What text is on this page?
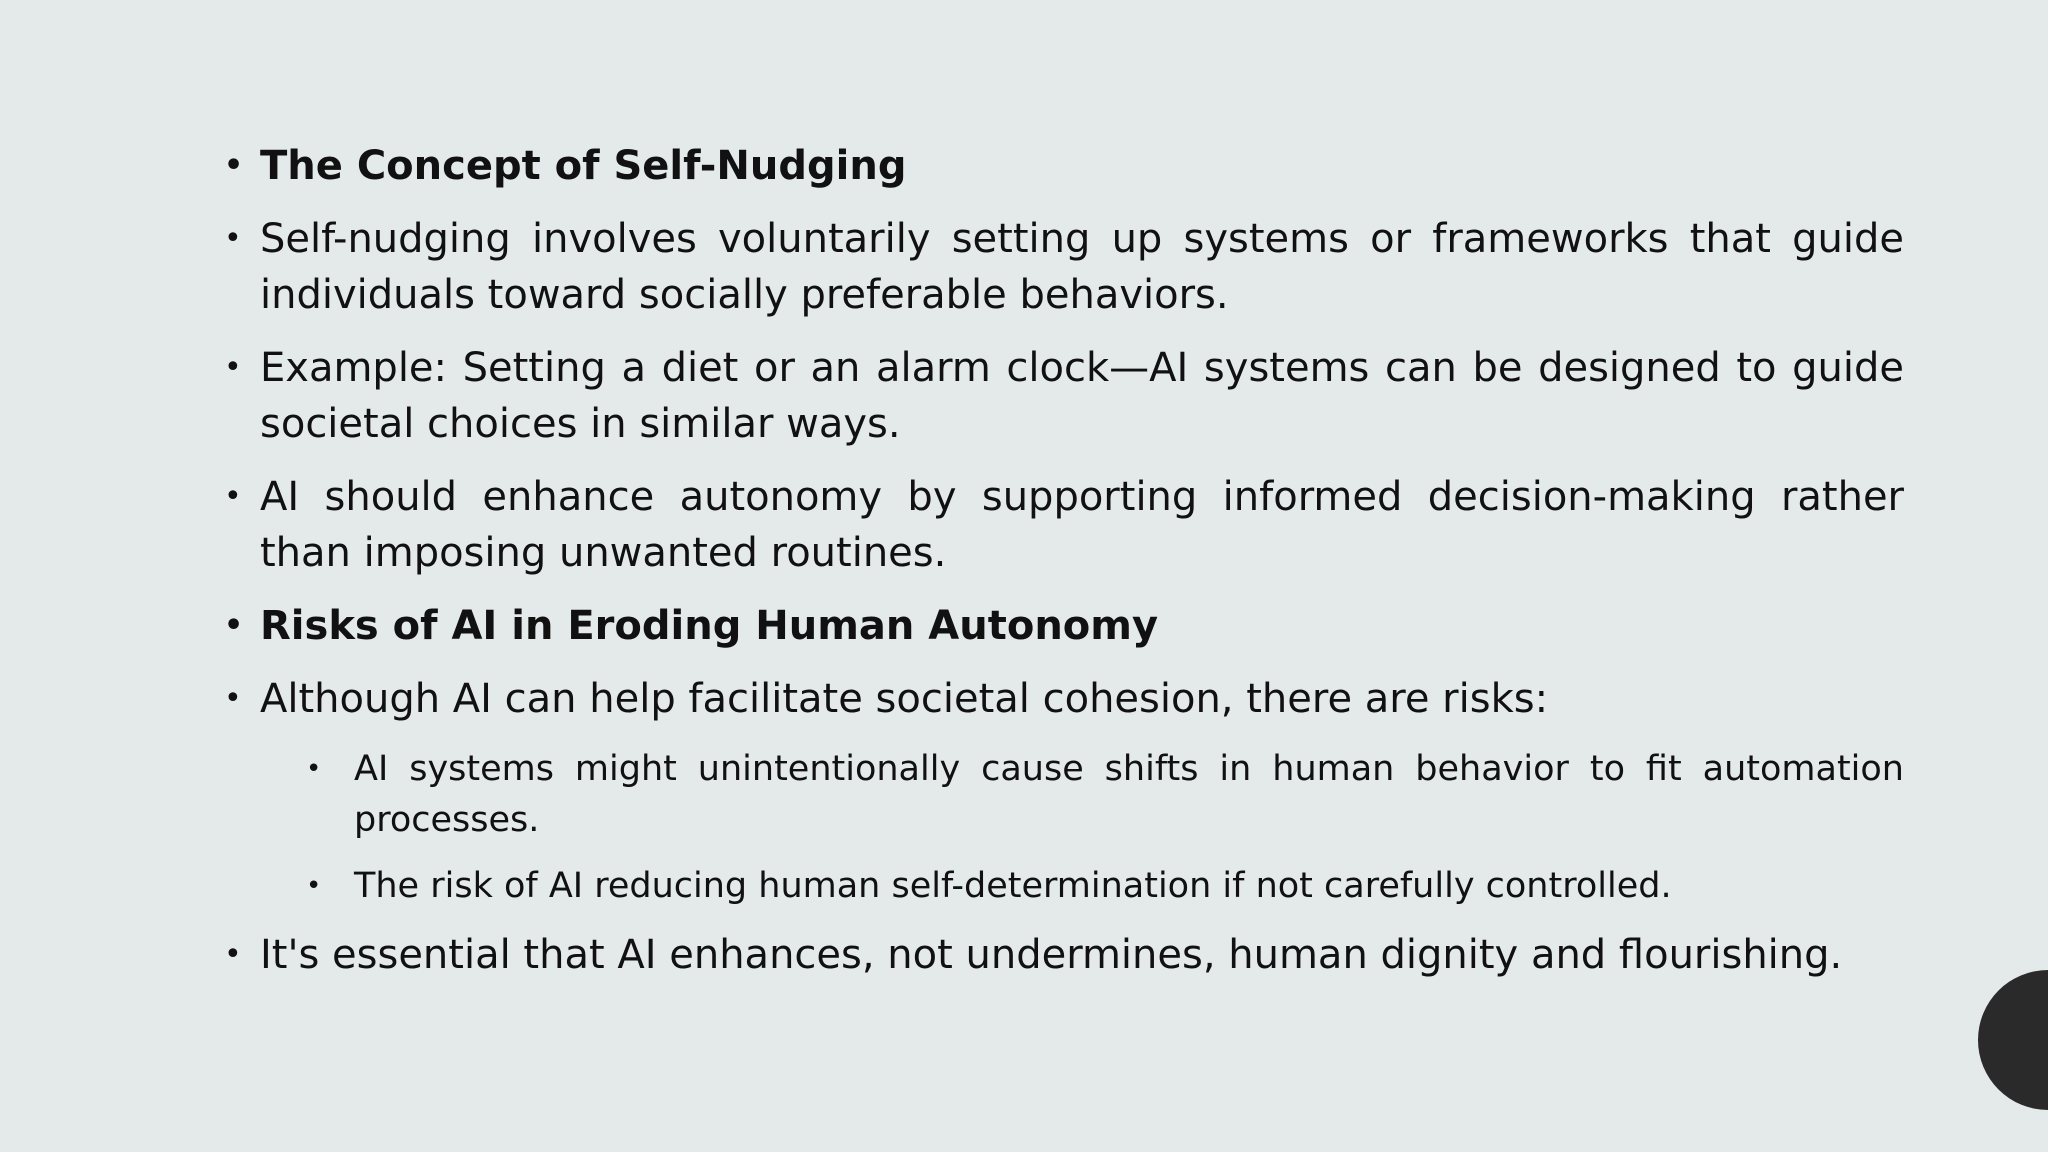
• The Concept of Self-Nudging
• Self-nudging involves voluntarily setting up systems or frameworks that guide individuals toward socially preferable behaviors.
• Example: Setting a diet or an alarm clock—AI systems can be designed to guide societal choices in similar ways.
• AI should enhance autonomy by supporting informed decision-making rather than imposing unwanted routines.
• Risks of AI in Eroding Human Autonomy
• Although AI can help facilitate societal cohesion, there are risks:
• AI systems might unintentionally cause shifts in human behavior to fit automation processes.
• The risk of AI reducing human self-determination if not carefully controlled.
• It's essential that AI enhances, not undermines, human dignity and flourishing.
